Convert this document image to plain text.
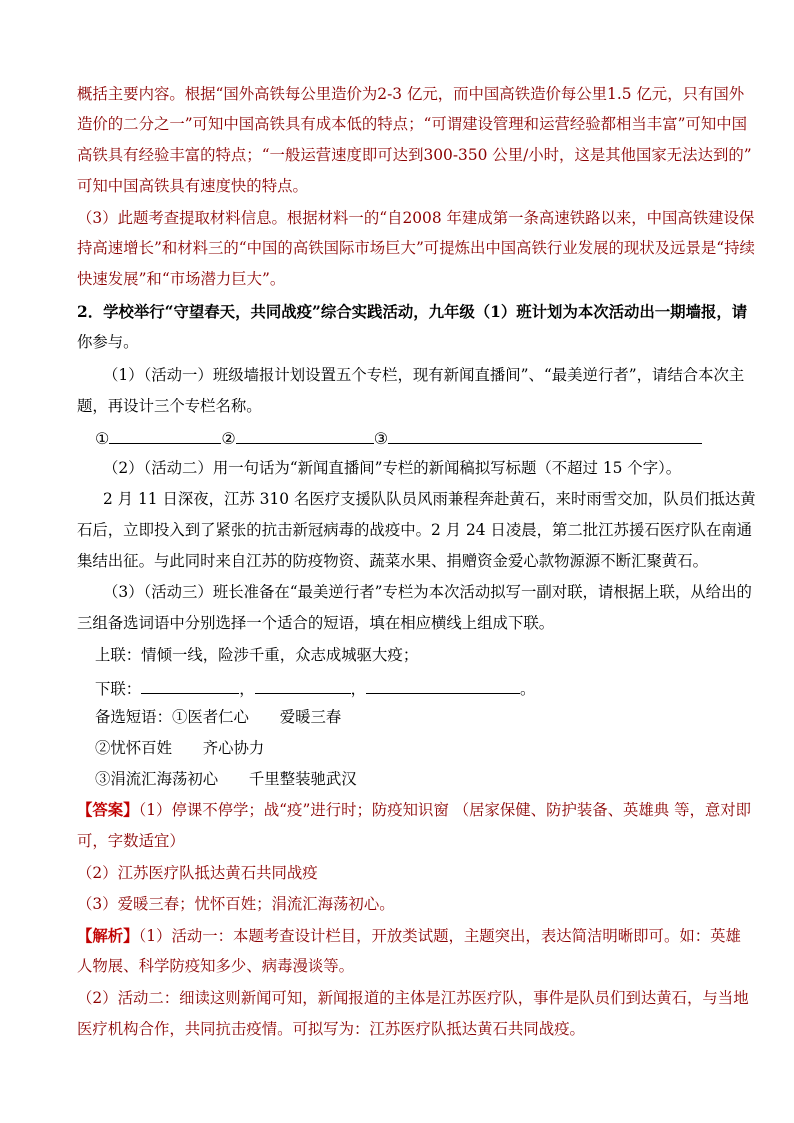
概括主要内容。根据“国外高铁每公里造价为2-3 亿元，而中国高铁造价每公里1.5 亿元，只有国外
造价的二分之一”可知中国高铁具有成本低的特点；“可谓建设管理和运营经验都相当丰富”可知中国
高铁具有经验丰富的特点；“一般运营速度即可达到300-350 公里/小时，这是其他国家无法达到的”
可知中国高铁具有速度快的特点。
（3）此题考查提取材料信息。根据材料一的“自2008 年建成第一条高速铁路以来，中国高铁建设保
持高速增长”和材料三的“中国的高铁国际市场巨大”可提炼出中国高铁行业发展的现状及远景是“持续
快速发展”和“市场潜力巨大”。
2．学校举行“守望春天，共同战疫”综合实践活动，九年级（1）班计划为本次活动出一期墙报，请
你参与。
（1）（活动一）班级墙报计划设置五个专栏，现有新闻直播间”、“最美逆行者”，请结合本次主
题，再设计三个专栏名称。
①	②	③
（2）（活动二）用一句话为“新闻直播间”专栏的新闻稿拟写标题（不超过 15 个字）。
2 月 11 日深夜，江苏 310 名医疗支援队队员风雨兼程奔赴黄石，来时雨雪交加，队员们抵达黄
石后，立即投入到了紧张的抗击新冠病毒的战疫中。2 月 24 日凌晨，第二批江苏援石医疗队在南通
集结出征。与此同时来自江苏的防疫物资、蔬菜水果、捐赠资金爱心款物源源不断汇聚黄石。
（3）（活动三）班长准备在“最美逆行者”专栏为本次活动拟写一副对联，请根据上联，从给出的
三组备选词语中分别选择一个适合的短语，填在相应横线上组成下联。
上联：情倾一线，险涉千重，众志成城驱大疫；
下联：	，	，	。
备选短语：①医者仁心　　爱暖三春
②忧怀百姓　　齐心协力
③涓流汇海荡初心　　千里整装驰武汉
【答案】（1）停课不停学；战“疫”进行时；防疫知识窗 （居家保健、防护装备、英雄典 等，意对即
可，字数适宜）
（2）江苏医疗队抵达黄石共同战疫
（3）爱暖三春；忧怀百姓；涓流汇海荡初心。
【解析】（1）活动一：本题考查设计栏目，开放类试题，主题突出，表达简洁明晰即可。如：英雄
人物展、科学防疫知多少、病毒漫谈等。
（2）活动二：细读这则新闻可知，新闻报道的主体是江苏医疗队，事件是队员们到达黄石，与当地
医疗机构合作，共同抗击疫情。可拟写为：江苏医疗队抵达黄石共同战疫。
